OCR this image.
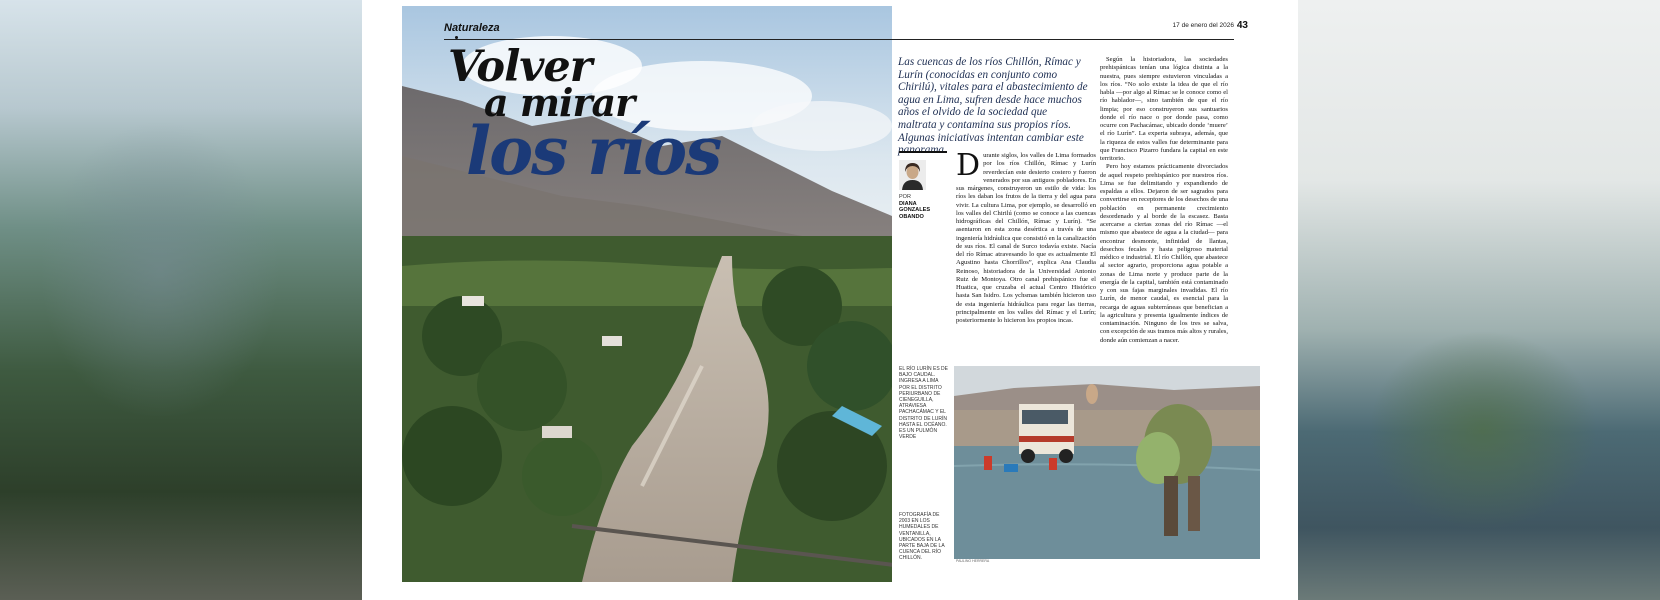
Naturaleza	17 de enero del 2026 43
Volver
a mirar
los ríos
Las cuencas de los ríos Chillón, Rímac y Lurín (conocidas en conjunto como Chirilú), vitales para el abastecimiento de agua en Lima, sufren desde hace muchos años el olvido de la sociedad que maltrata y contamina sus propios ríos. Algunas iniciativas intentan cambiar este
POR
DIANA GONZALES OBANDO
Durante siglos, los valles de Lima formados por los ríos Chillón, Rímac y Lurín reverdecían este desierto costero y fueron venerados por sus antiguos pobladores. En sus márgenes, construyeron un estilo de vida: los ríos les daban los frutos de la tierra y del agua para vivir. La cultura Lima, por ejemplo, se desarrolló en los valles del Chirilú (como se conoce a las cuencas hidrográficas del Chillón, Rímac y Lurín). “Se asentaron en esta zona desértica a través de una ingeniería hidráulica que consistió en la canalización de sus ríos. El canal de Surco todavía existe. Nacía del río Rímac atravesando lo que es actualmente El Agustino hasta Chorrillos”, explica Ana Claudia Reinoso, historiadora de la Universidad Antonio Ruiz de Montoya. Otro canal prehispánico fue el Huatica, que cruzaba el actual Centro Histórico hasta San Isidro. Los ychsmas también hicieron uso de esta ingeniería hidráulica para regar las tierras, principalmente en los valles del Rímac y el Lurín; posteriormente lo hicieron los propios incas.

Según la historiadora, las sociedades prehispánicas tenían una lógica distinta a la nuestra, pues siempre estuvieron vinculadas a los ríos. “No solo existe la idea de que el río habla —por algo al Rímac se le conoce como el río hablador—, sino también de que el río limpia; por eso construyeron sus santuarios donde el río nace o por donde pasa, como ocurre con Pachacámac, ubicado donde ‘muere’ el río Lurín”. La experta subraya, además, que la riqueza de estos valles fue determinante para que Francisco Pizarro fundara la capital en este territorio.

Pero hoy estamos prácticamente divorciados de aquel respeto prehispánico por nuestros ríos. Lima se fue delimitando y expandiendo de espaldas a ellos. Dejaron de ser sagrados para convertirse en receptores de los desechos de una población en permanente crecimiento desordenado y al borde de la escasez. Basta acercarse a ciertas zonas del río Rímac —el mismo que abastece de agua a la ciudad— para encontrar desmonte, infinidad de llantas, desechos fecales y hasta peligroso material médico e industrial. El río Chillón, que abastece al sector agrario, proporciona agua potable a zonas de Lima norte y produce parte de la energía de la capital, también está contaminado y con sus fajas marginales invadidas. El río Lurín, de menor caudal, es esencial para la recarga de aguas subterráneas que benefician a la agricultura y presenta igualmente índices de contaminación. Ninguno de los tres se salva, con excepción de sus tramos más altos y rurales, donde aún comienzan a nacer.

EL RÍO LURÍN ES DE BAJO CAUDAL. INGRESA A LIMA POR EL DISTRITO PERIURBANO DE CIENEGUILLA, ATRAVIESA PACHACÁMAC Y EL DISTRITO DE LURÍN HASTA EL OCÉANO. ES UN PULMÓN VERDE
FOTOGRAFÍA DE 2003 EN LOS HUMEDALES DE VENTANILLA, UBICADOS EN LA PARTE BAJA DE LA CUENCA DEL RÍO CHILLÓN.	PAULINO HERRERA
